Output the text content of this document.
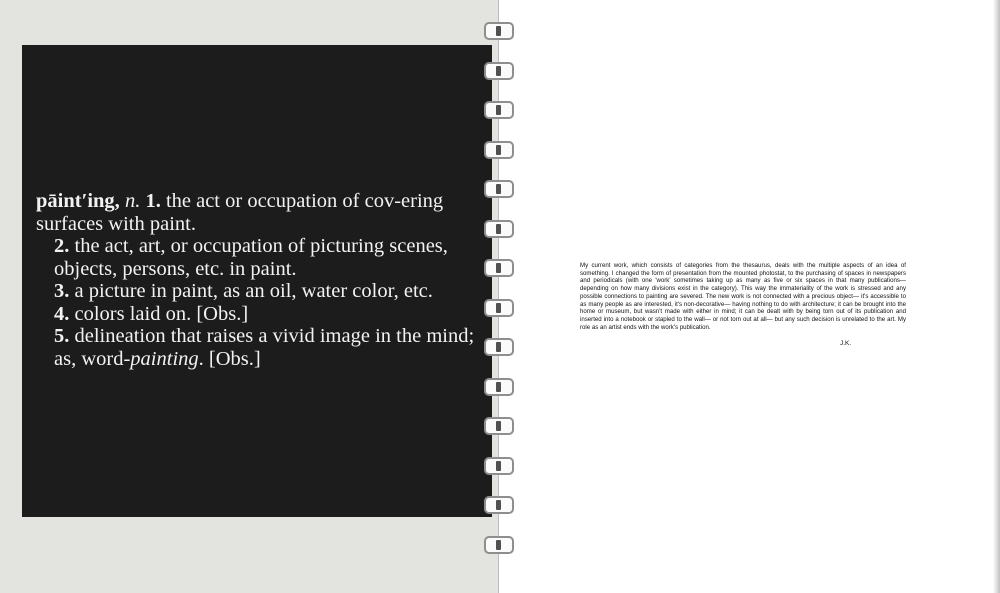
pāint′ing, n. 1. the act or occupation of cov-ering surfaces with paint.

2. the act, art, or occupation of picturing scenes, objects, persons, etc. in paint.

3. a picture in paint, as an oil, water color, etc.

4. colors laid on. [Obs.]

5. delineation that raises a vivid image in the mind; as, word-painting. [Obs.]

My current work, which consists of categories from the thesaurus, deals with the multiple aspects of an idea of something. I changed the form of presentation from the mounted photostat, to the purchasing of spaces in newspapers and periodicals (with one 'work' sometimes taking up as many as five or six spaces in that many publications— depending on how many divisions exist in the category). This way the immateriality of the work is stressed and any possible connections to painting are severed. The new work is not connected with a precious object— it's accessible to as many people as are interested, it's non-decorative— having nothing to do with architecture; it can be brought into the home or museum, but wasn't made with either in mind; it can be dealt with by being torn out of its publication and inserted into a notebook or stapled to the wall— or not torn out at all— but any such decision is unrelated to the art. My role as an artist ends with the work's publication.
J.K.
